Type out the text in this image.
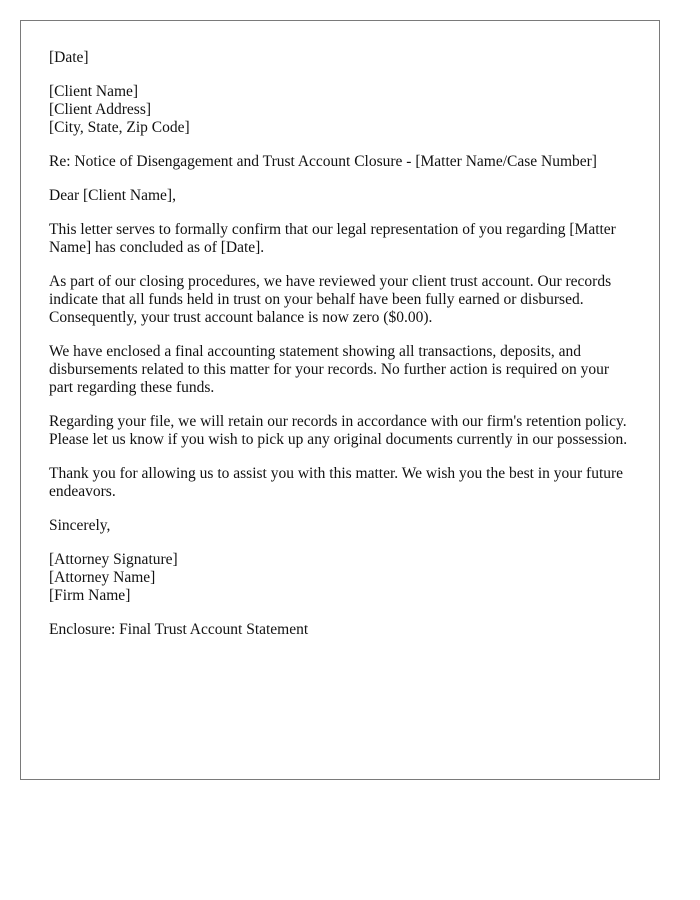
[Date]
[Client Name]
[Client Address]
[City, State, Zip Code]
Re: Notice of Disengagement and Trust Account Closure - [Matter Name/Case Number]
Dear [Client Name],

This letter serves to formally confirm that our legal representation of you regarding [Matter Name] has concluded as of [Date].

As part of our closing procedures, we have reviewed your client trust account. Our records indicate that all funds held in trust on your behalf have been fully earned or disbursed. Consequently, your trust account balance is now zero ($0.00).

We have enclosed a final accounting statement showing all transactions, deposits, and disbursements related to this matter for your records. No further action is required on your part regarding these funds.

Regarding your file, we will retain our records in accordance with our firm's retention policy. Please let us know if you wish to pick up any original documents currently in our possession.

Thank you for allowing us to assist you with this matter. We wish you the best in your future endeavors.

Sincerely,
[Attorney Signature]
[Attorney Name]
[Firm Name]
Enclosure: Final Trust Account Statement
